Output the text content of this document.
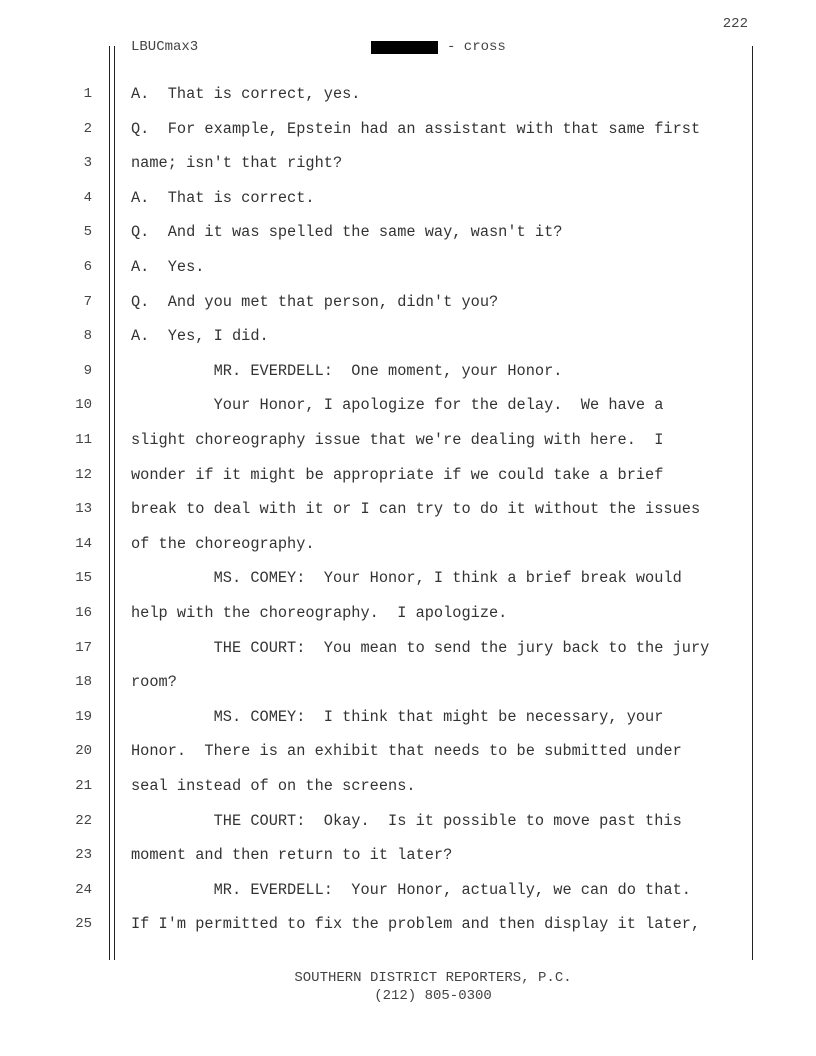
222
LBUCmax3	- cross
1	A.  That is correct, yes.
2	Q.  For example, Epstein had an assistant with that same first
3	name; isn't that right?
4	A.  That is correct.
5	Q.  And it was spelled the same way, wasn't it?
6	A.  Yes.
7	Q.  And you met that person, didn't you?
8	A.  Yes, I did.
9	MR. EVERDELL:  One moment, your Honor.
10	Your Honor, I apologize for the delay.  We have a
11	slight choreography issue that we're dealing with here.  I
12	wonder if it might be appropriate if we could take a brief
13	break to deal with it or I can try to do it without the issues
14	of the choreography.
15	MS. COMEY:  Your Honor, I think a brief break would
16	help with the choreography.  I apologize.
17	THE COURT:  You mean to send the jury back to the jury
18	room?
19	MS. COMEY:  I think that might be necessary, your
20	Honor.  There is an exhibit that needs to be submitted under
21	seal instead of on the screens.
22	THE COURT:  Okay.  Is it possible to move past this
23	moment and then return to it later?
24	MR. EVERDELL:  Your Honor, actually, we can do that.
25	If I'm permitted to fix the problem and then display it later,
SOUTHERN DISTRICT REPORTERS, P.C.
(212) 805-0300
